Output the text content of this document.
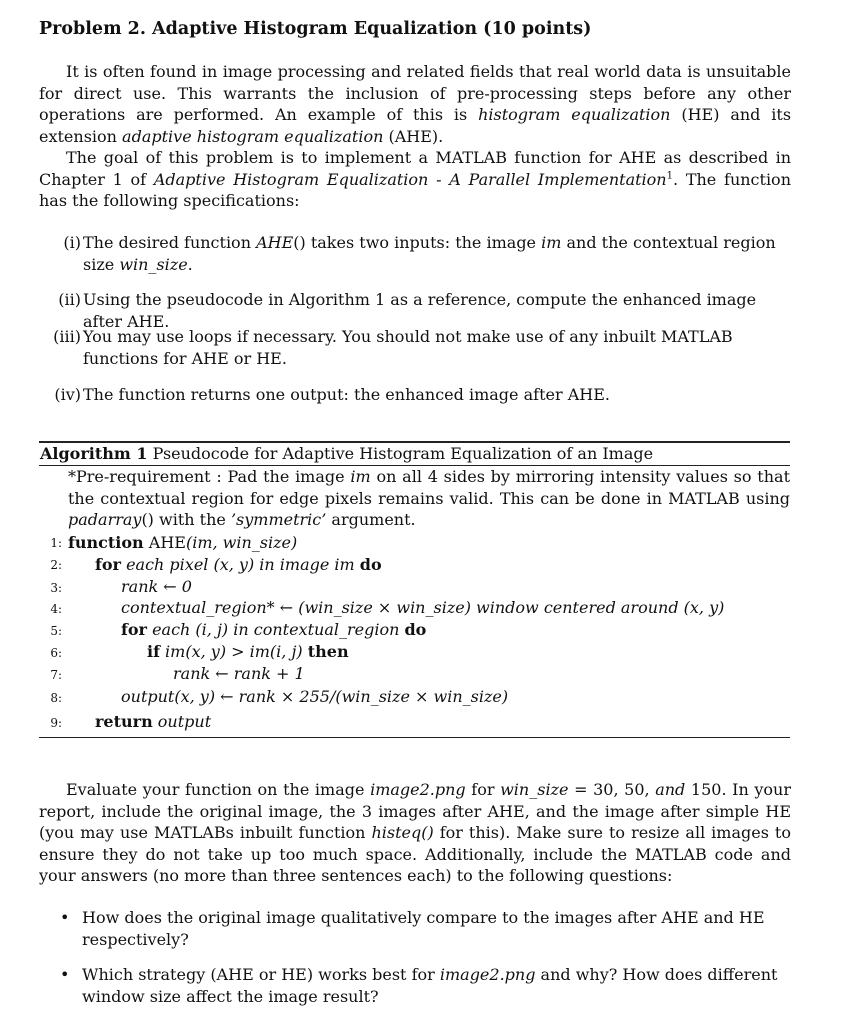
Problem 2. Adaptive Histogram Equalization (10 points)
It is often found in image processing and related fields that real world data is unsuitable for direct use. This warrants the inclusion of pre-processing steps before any other operations are performed. An example of this is histogram equalization (HE) and its extension adaptive histogram equalization (AHE).
The goal of this problem is to implement a MATLAB function for AHE as described in Chapter 1 of Adaptive Histogram Equalization - A Parallel Implementation$^1$. The function has the following specifications:
(i) The desired function AHE() takes two inputs: the image im and the contextual region size win_size.
(ii) Using the pseudocode in Algorithm 1 as a reference, compute the enhanced image after AHE.
(iii) You may use loops if necessary. You should not make use of any inbuilt MATLAB functions for AHE or HE.
(iv) The function returns one output: the enhanced image after AHE.
Algorithm 1 Pseudocode for Adaptive Histogram Equalization of an Image
*Pre-requirement : Pad the image im on all 4 sides by mirroring intensity values so that the contextual region for edge pixels remains valid. This can be done in MATLAB using padarray() with the ’symmetric’ argument.
1: function AHE(im, win_size)
2: for each pixel (x, y) in image im do
3:	rank ← 0
4:	contextual_region* ← (win_size × win_size) window centered around (x, y)
5:	for each (i, j) in contextual_region do
6:	if im(x, y) > im(i, j) then
7:	rank ← rank + 1
8:	output(x, y) ← rank × 255/(win_size × win_size)
9: return output
Evaluate your function on the image image2.png for win_size = 30, 50, and 150. In your report, include the original image, the 3 images after AHE, and the image after simple HE (you may use MATLABs inbuilt function histeq() for this). Make sure to resize all images to ensure they do not take up too much space. Additionally, include the MATLAB code and your answers (no more than three sentences each) to the following questions:
• How does the original image qualitatively compare to the images after AHE and HE respectively?
• Which strategy (AHE or HE) works best for image2.png and why? How does different window size affect the image result?
